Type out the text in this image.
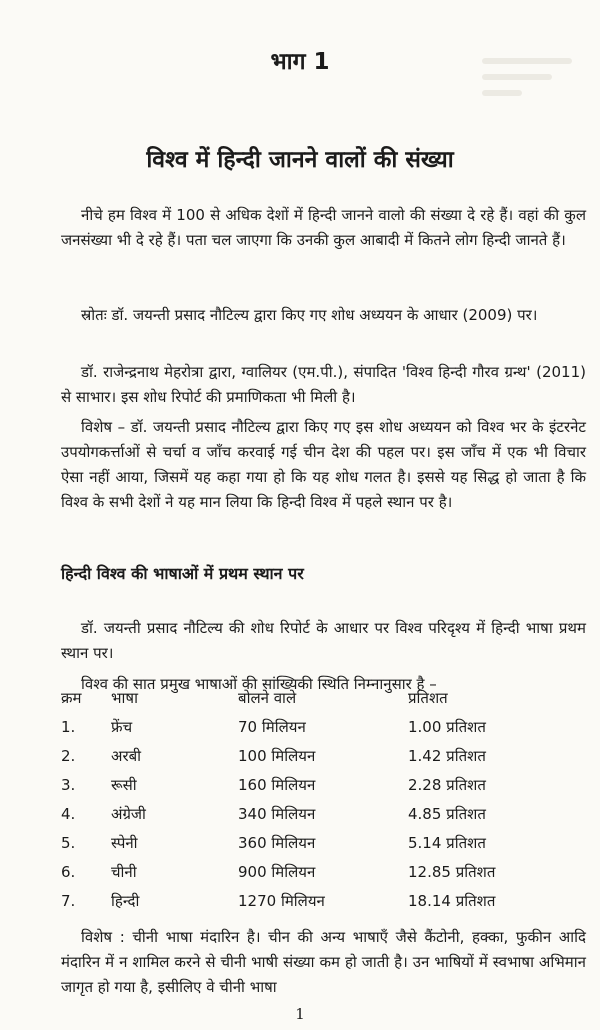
भाग 1
विश्व में हिन्दी जानने वालों की संख्या

नीचे हम विश्व में 100 से अधिक देशों में हिन्दी जानने वालो की संख्या दे रहे हैं। वहां की कुल जनसंख्या भी दे रहे हैं। पता चल जाएगा कि उनकी कुल आबादी में कितने लोग हिन्दी जानते हैं।

स्रोतः डॉ. जयन्ती प्रसाद नौटिल्य द्वारा किए गए शोध अध्ययन के आधार (2009) पर।

डॉ. राजेन्द्रनाथ मेहरोत्रा द्वारा, ग्वालियर (एम.पी.), संपादित 'विश्व हिन्दी गौरव ग्रन्थ' (2011) से साभार। इस शोध रिपोर्ट की प्रमाणिकता भी मिली है।

विशेष – डॉ. जयन्ती प्रसाद नौटिल्य द्वारा किए गए इस शोध अध्ययन को विश्व भर के इंटरनेट उपयोगकर्त्ताओं से चर्चा व जाँच करवाई गई चीन देश की पहल पर। इस जाँच में एक भी विचार ऐसा नहीं आया, जिसमें यह कहा गया हो कि यह शोध गलत है। इससे यह सिद्ध हो जाता है कि विश्व के सभी देशों ने यह मान लिया कि हिन्दी विश्व में पहले स्थान पर है।

हिन्दी विश्व की भाषाओं में प्रथम स्थान पर

डॉ. जयन्ती प्रसाद नौटिल्य की शोध रिपोर्ट के आधार पर विश्व परिदृश्य में हिन्दी भाषा प्रथम स्थान पर।

विश्व की सात प्रमुख भाषाओं की सांख्यिकी स्थिति निम्नानुसार है –

क्रम	भाषा	बोलने वाले	प्रतिशत
1.	फ्रेंच	70 मिलियन	1.00 प्रतिशत
2.	अरबी	100 मिलियन	1.42 प्रतिशत
3.	रूसी	160 मिलियन	2.28 प्रतिशत
4.	अंग्रेजी	340 मिलियन	4.85 प्रतिशत
5.	स्पेनी	360 मिलियन	5.14 प्रतिशत
6.	चीनी	900 मिलियन	12.85 प्रतिशत
7.	हिन्दी	1270 मिलियन	18.14 प्रतिशत

विशेष : चीनी भाषा मंदारिन है। चीन की अन्य भाषाएँ जैसे कैंटोनी, हक्का, फुकीन आदि मंदारिन में न शामिल करने से चीनी भाषी संख्या कम हो जाती है। उन भाषियों में स्वभाषा अभिमान जागृत हो गया है, इसीलिए वे चीनी भाषा

1
